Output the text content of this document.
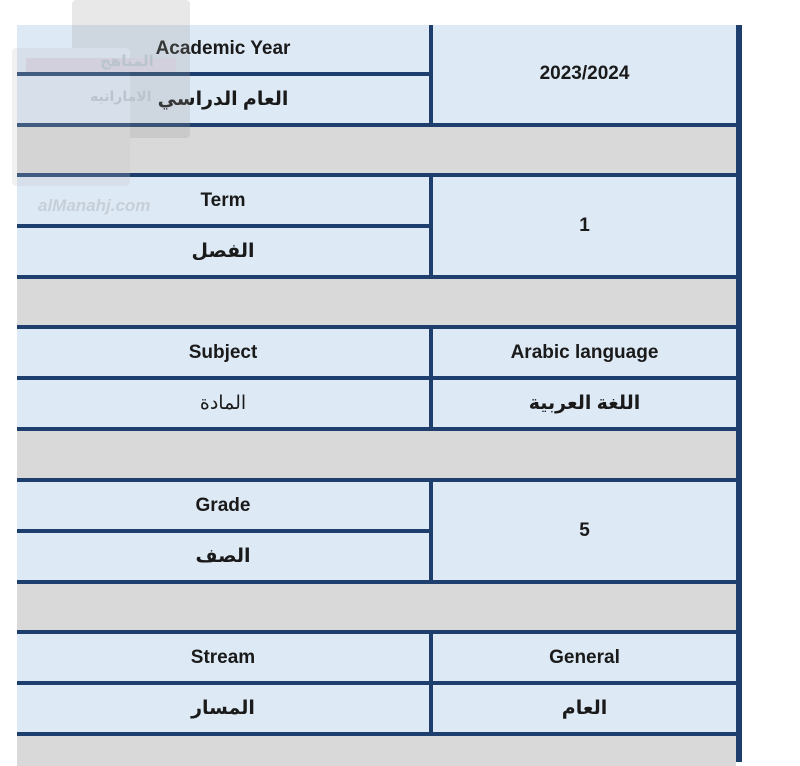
Academic Year
العام الدراسي
2023/2024
Term
الفصل
1
Subject
المادة
Arabic language
اللغة العربية
Grade
الصف
5
Stream
المسار
General
العام
المناهج
الاماراتيه
alManahj.com
